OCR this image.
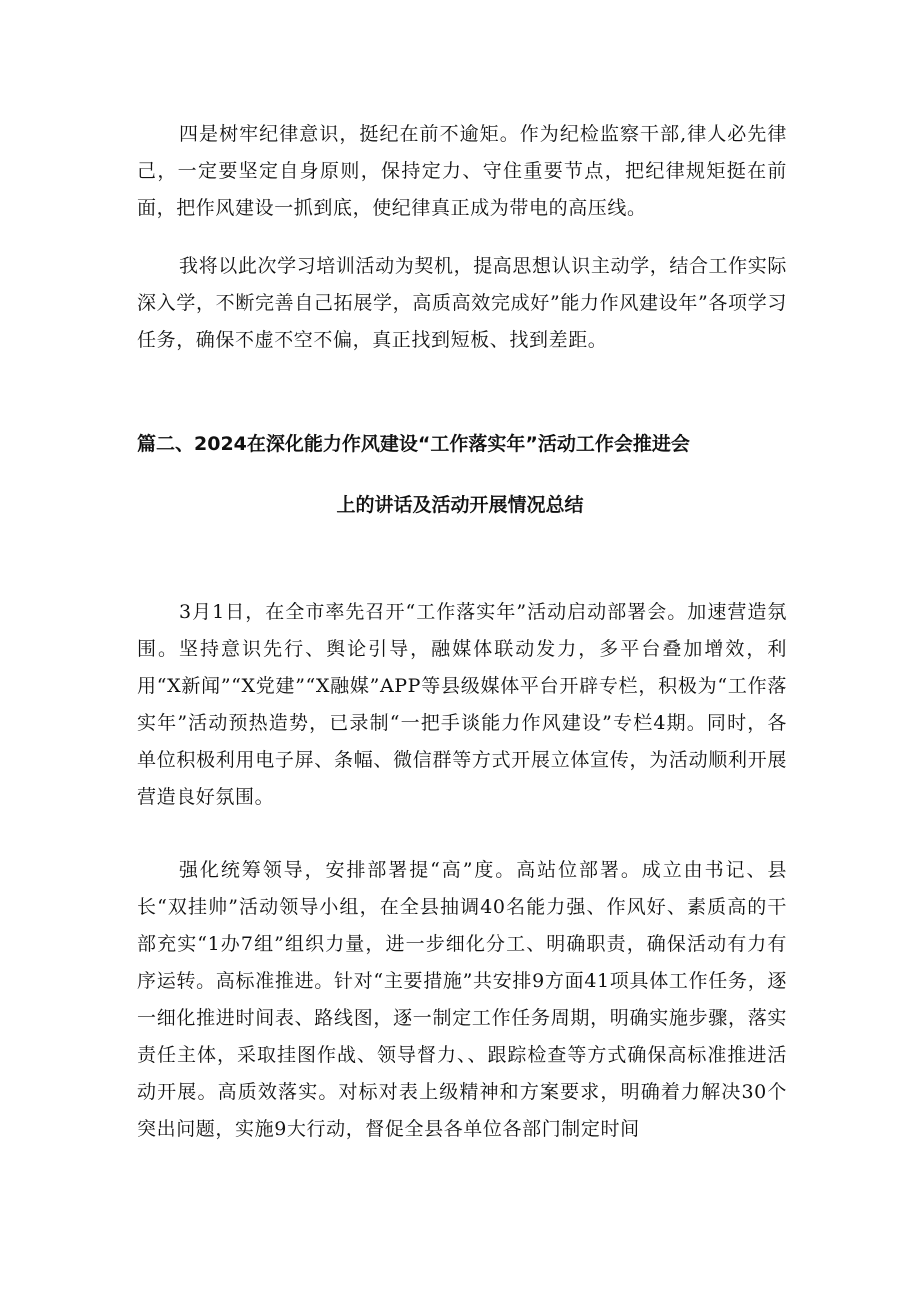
四是树牢纪律意识，挺纪在前不逾矩。作为纪检监察干部,律人必先律己，一定要坚定自身原则，保持定力、守住重要节点，把纪律规矩挺在前面，把作风建设一抓到底，使纪律真正成为带电的高压线。

我将以此次学习培训活动为契机，提高思想认识主动学，结合工作实际深入学，不断完善自己拓展学，高质高效完成好”能力作风建设年”各项学习任务，确保不虚不空不偏，真正找到短板、找到差距。

篇二、2024在深化能力作风建设“工作落实年”活动工作会推进会
上的讲话及活动开展情况总结

3月1日，在全市率先召开“工作落实年”活动启动部署会。加速营造氛围。坚持意识先行、舆论引导，融媒体联动发力，多平台叠加增效，利用“X新闻”“X党建”“X融媒”APP等县级媒体平台开辟专栏，积极为“工作落实年”活动预热造势，已录制“一把手谈能力作风建设”专栏4期。同时，各单位积极利用电子屏、条幅、微信群等方式开展立体宣传，为活动顺利开展营造良好氛围。

强化统筹领导，安排部署提“高”度。高站位部署。成立由书记、县长“双挂帅”活动领导小组，在全县抽调40名能力强、作风好、素质高的干部充实“1办7组”组织力量，进一步细化分工、明确职责，确保活动有力有序运转。高标准推进。针对“主要措施”共安排9方面41项具体工作任务，逐一细化推进时间表、路线图，逐一制定工作任务周期，明确实施步骤，落实责任主体，采取挂图作战、领导督力、、跟踪检查等方式确保高标准推进活动开展。高质效落实。对标对表上级精神和方案要求，明确着力解决30个突出问题，实施9大行动，督促全县各单位各部门制定时间
